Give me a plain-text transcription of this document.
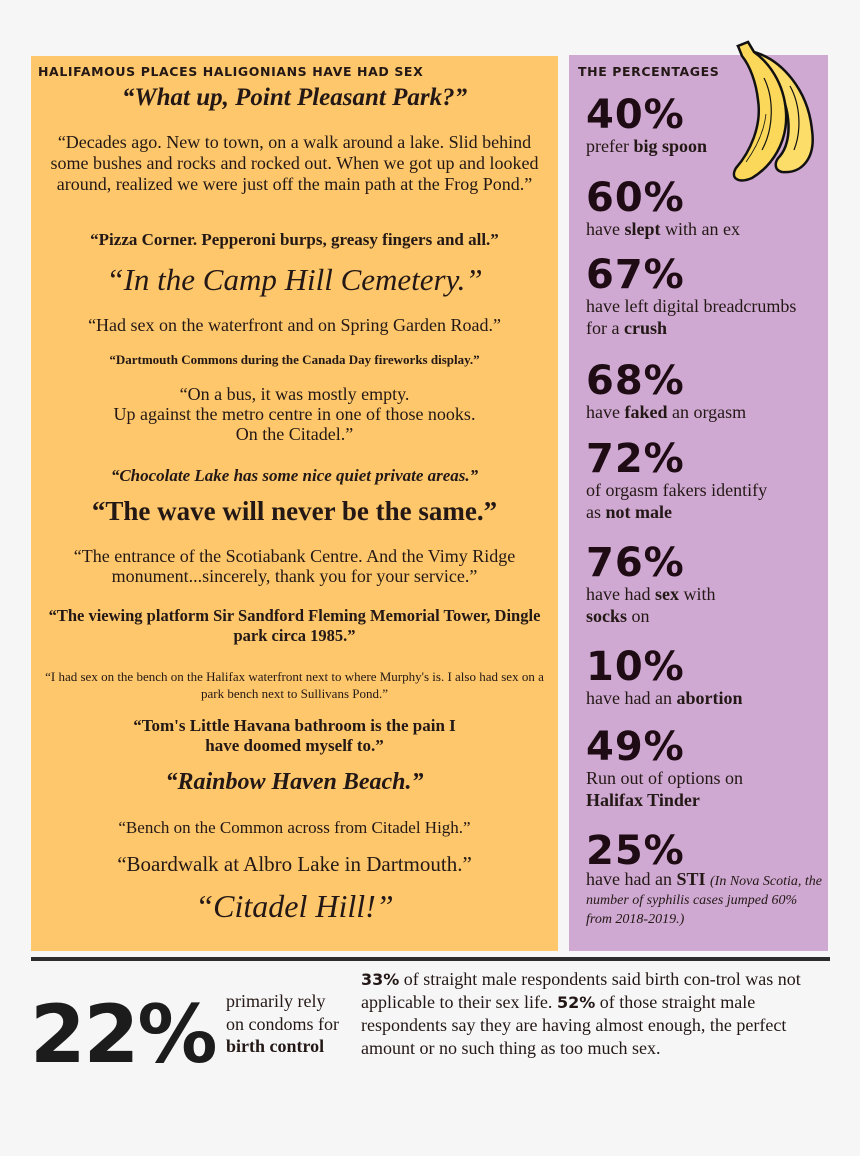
HALIFAMOUS PLACES HALIGONIANS HAVE HAD SEX
“What up, Point Pleasant Park?”
“Decades ago. New to town, on a walk around a lake. Slid behind some bushes and rocks and rocked out. When we got up and looked around, realized we were just off the main path at the Frog Pond.”
“Pizza Corner. Pepperoni burps, greasy fingers and all.”
“In the Camp Hill Cemetery.”
“Had sex on the waterfront and on Spring Garden Road.”
“Dartmouth Commons during the Canada Day fireworks display.”
“On a bus, it was mostly empty.
Up against the metro centre in one of those nooks.
On the Citadel.”
“Chocolate Lake has some nice quiet private areas.”
“The wave will never be the same.”
“The entrance of the Scotiabank Centre. And the Vimy Ridge monument...sincerely, thank you for your service.”
“The viewing platform Sir Sandford Fleming Memorial Tower, Dingle park circa 1985.”
“I had sex on the bench on the Halifax waterfront next to where Murphy's is. I also had sex on a park bench next to Sullivans Pond.”
“Tom's Little Havana bathroom is the pain I have doomed myself to.”
“Rainbow Haven Beach.”
“Bench on the Common across from Citadel High.”
“Boardwalk at Albro Lake in Dartmouth.”
“Citadel Hill!”
THE PERCENTAGES
40%
prefer big spoon
60%
have slept with an ex
67%
have left digital breadcrumbs for a crush
68%
have faked an orgasm
72%
of orgasm fakers identify as not male
76%
have had sex with
socks on
10%
have had an abortion
49%
Run out of options on Halifax Tinder
25%
have had an STI (In Nova Scotia, the number of syphilis cases jumped 60% from 2018-2019.)
22% primarily rely on condoms for
birth control
33% of straight male respondents said birth con-trol was not applicable to their sex life. 52% of those straight male respondents say they are having almost enough, the perfect amount or no such thing as too much sex.
